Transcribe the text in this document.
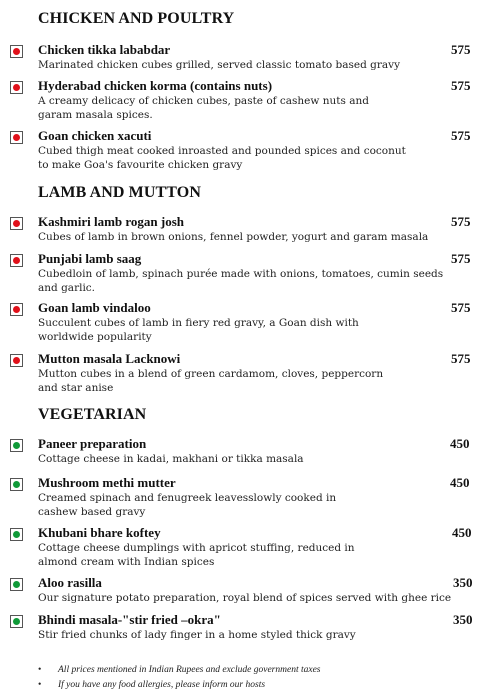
CHICKEN AND POULTRY
Chicken tikka lababdar	575
Marinated chicken cubes grilled, served classic tomato based gravy
Hyderabad chicken korma (contains nuts)	575
A creamy delicacy of chicken cubes, paste of cashew nuts and garam masala spices.
Goan chicken xacuti	575
Cubed thigh meat cooked inroasted and pounded spices and coconut to make Goa's favourite chicken gravy
LAMB AND MUTTON
Kashmiri lamb rogan josh	575
Cubes of lamb in brown onions, fennel powder, yogurt and garam masala
Punjabi lamb saag	575
Cubedloin of lamb, spinach purée made with onions, tomatoes, cumin seeds and garlic.
Goan lamb vindaloo	575
Succulent cubes of lamb in fiery red gravy, a Goan dish with worldwide popularity
Mutton masala Lacknowi	575
Mutton cubes in a blend of green cardamom, cloves, peppercorn and star anise
VEGETARIAN
Paneer preparation	450
Cottage cheese in kadai, makhani or tikka masala
Mushroom methi mutter	450
Creamed spinach and fenugreek leavesslowly cooked in cashew based gravy
Khubani bhare koftey	450
Cottage cheese dumplings with apricot stuffing, reduced in almond cream with Indian spices
Aloo rasilla	350
Our signature potato preparation, royal blend of spices served with ghee rice
Bhindi masala-"stir fried –okra"	350
Stir fried chunks of lady finger in a home styled thick gravy
• All prices mentioned in Indian Rupees and exclude government taxes
• If you have any food allergies, please inform our hosts
